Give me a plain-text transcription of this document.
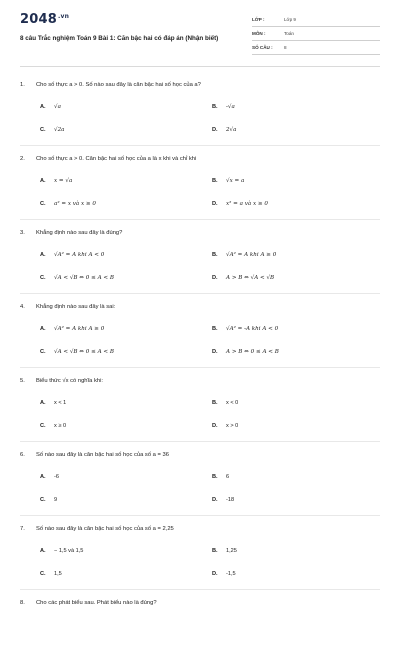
$2048^{.vn}$
8 câu Trắc nghiệm Toán 9 Bài 1: Căn bậc hai có đáp án (Nhận biết)
LỚP :	Lớp 9
MÔN :	Toán
SỐ CÂU : 8
1. Cho số thực a > 0. Số nào sau đây là căn bậc hai số học của a?
A. √a	B. -√a
C. √2a	D. 2√a
2. Cho số thực a > 0. Căn bậc hai số học của a là x khi và chỉ khi
A. x = √a	B. √x = a
C. a² = x và x ≥ 0	D. x² = a và x ≥ 0
3. Khẳng định nào sau đây là đúng?
A. √A² = A khi A < 0	B. √A² = A khi A ≥ 0
C. √A < √B ⇔ 0 ≤ A < B	D. A > B ⇔ √A < √B
4. Khẳng định nào sau đây là sai:
A. √A² = A khi A ≥ 0	B. √A² = -A khi A < 0
C. √A < √B ⇔ 0 ≤ A < B	D. A > B ⇔ 0 ≤ A < B
5. Biểu thức √x có nghĩa khi:
A. x < 1	B. x < 0
C. x ≥ 0	D. x > 0
6. Số nào sau đây là căn bậc hai số học của số a = 36
A. -6	B. 6
C. 9	D. -18
7. Số nào sau đây là căn bậc hai số học của số a = 2,25
A. − 1,5 và 1,5	B. 1,25
C. 1,5	D. -1,5
8. Cho các phát biểu sau. Phát biểu nào là đúng?
